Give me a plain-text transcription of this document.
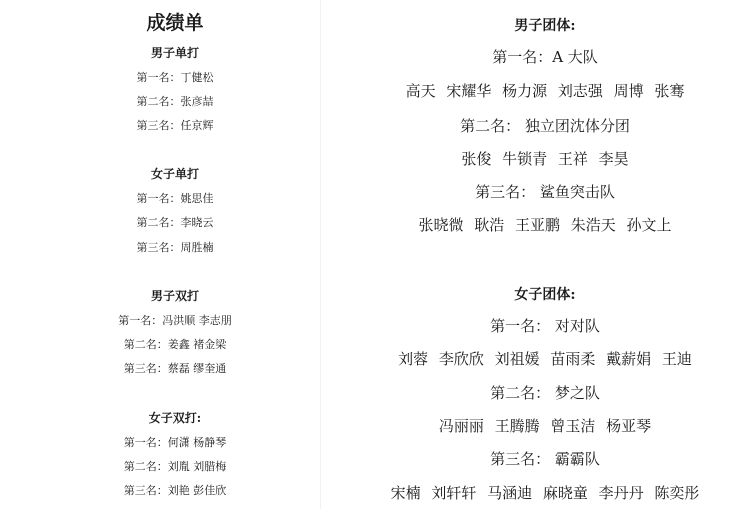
成绩单
男子单打
第一名：丁健松
第二名：张彦喆
第三名：任京辉
女子单打
第一名：姚思佳
第二名：李晓云
第三名：周胜楠
男子双打
第一名：冯洪顺 李志朋
第二名：姜鑫 褚金梁
第三名：蔡磊 缪奎通
女子双打:
第一名：何潇 杨静琴
第二名：刘胤 刘腊梅
第三名：刘艳 彭佳欣
男子团体:
第一名：A 大队
高天 宋耀华 杨力源 刘志强 周博 张骞
第二名： 独立团沈体分团
张俊 牛锁青 王祥 李昊
第三名： 鲨鱼突击队
张晓微 耿浩 王亚鹏 朱浩天 孙文上
女子团体:
第一名： 对对队
刘蓉 李欣欣 刘祖媛 苗雨柔 戴薪娟 王迪
第二名： 梦之队
冯丽丽 王腾腾 曾玉洁 杨亚琴
第三名： 霸霸队
宋楠 刘轩轩 马涵迪 麻晓童 李丹丹 陈奕彤
